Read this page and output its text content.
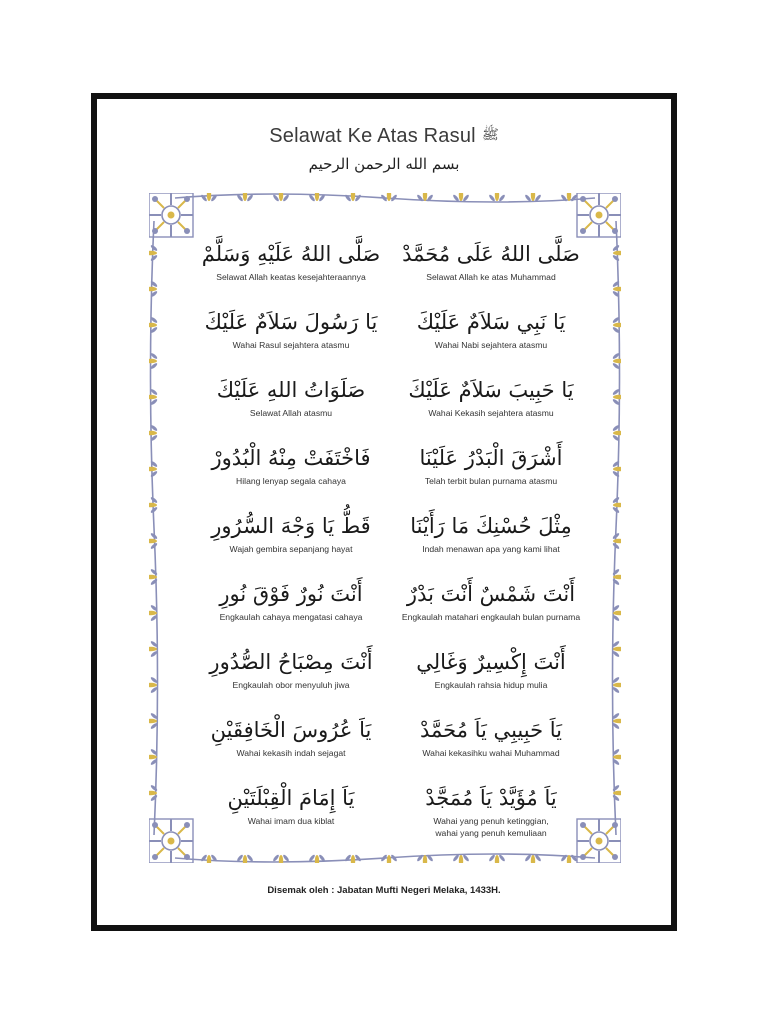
Selawat Ke Atas Rasul ﷺ
بسم الله الرحمن الرحيم
صَلَّى اللهُ عَلَيْهِ وَسَلَّمْ
Selawat Allah keatas kesejahteraannya
صَلَّى اللهُ عَلَى مُحَمَّدْ
Selawat Allah ke atas Muhammad
يَا رَسُولَ سَلاَمٌ عَلَيْكَ
Wahai Rasul sejahtera atasmu
يَا نَبِي سَلاَمٌ عَلَيْكَ
Wahai Nabi sejahtera atasmu
صَلَوَاتُ اللهِ عَلَيْكَ
Selawat Allah atasmu
يَا حَبِيبَ سَلاَمٌ عَلَيْكَ
Wahai Kekasih sejahtera atasmu
فَاخْتَفَتْ مِنْهُ الْبُدُورْ
Hilang lenyap segala cahaya
أَشْرَقَ الْبَدْرُ عَلَيْنَا
Telah terbit bulan purnama atasmu
قَطُّ يَا وَجْهَ السُّرُورِ
Wajah gembira sepanjang hayat
مِثْلَ حُسْنِكَ مَا رَأَيْنَا
Indah menawan apa yang kami lihat
أَنْتَ نُورٌ فَوْقَ نُورِ
Engkaulah cahaya mengatasi cahaya
أَنْتَ شَمْسٌ أَنْتَ بَدْرٌ
Engkaulah matahari engkaulah bulan purnama
أَنْتَ مِصْبَاحُ الصُّدُورِ
Engkaulah obor menyuluh jiwa
أَنْتَ إِكْسِيرٌ وَغَالِي
Engkaulah rahsia hidup mulia
يَاَ عُرُوسَ الْخَافِقَيْنِ
Wahai kekasih indah sejagat
يَاَ حَبِيبِي يَاَ مُحَمَّدْ
Wahai kekasihku wahai Muhammad
يَاَ إِمَامَ الْقِبْلَتَيْنِ
Wahai imam dua kiblat
يَاَ مُؤَيَّدْ يَاَ مُمَجَّدْ
Wahai yang penuh ketinggian,
wahai yang penuh kemuliaan
Disemak oleh : Jabatan Mufti Negeri Melaka, 1433H.
